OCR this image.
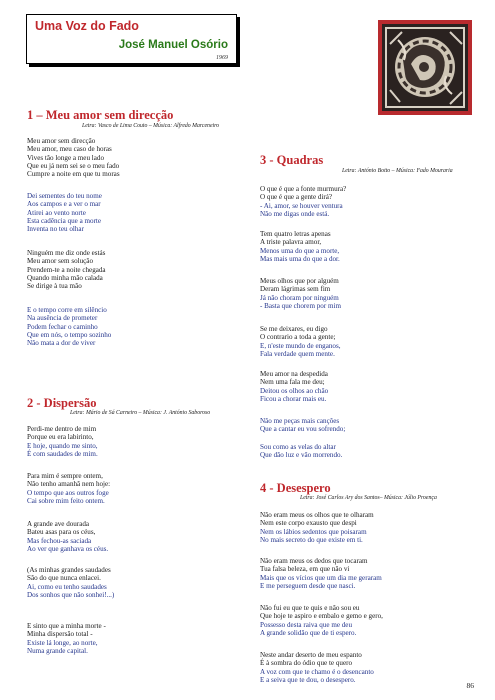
Uma Voz do Fado
José Manuel Osório
1969
1 – Meu amor sem direcção
Letra: Vasco de Lima Couto – Música: Alfredo Marceneiro
Meu amor sem direcção
Meu amor, meu caso de horas
Vives tão longe a meu lado
Que eu já nem sei se o meu fado
Cumpre a noite em que tu moras
Dei sementes do teu nome
Aos campos e a ver o mar
Atirei ao vento norte
Esta cadência que a morte
Inventa no teu olhar
Ninguém me diz onde estás
Meu amor sem solução
Prendem-te a noite chegada
Quando minha mão calada
Se dirige à tua mão
E o tempo corre em silêncio
Na ausência de prometer
Podem fechar o caminho
Que em nós, o tempo sozinho
Não mata a dor de viver
2 - Dispersão
Letra: Mário de Sá Carneiro – Música: J. António Saboroso
Perdi-me dentro de mim
Porque eu era labirinto,
E hoje, quando me sinto,
É com saudades de mim.
Para mim é sempre ontem,
Não tenho amanhã nem hoje:
O tempo que aos outros foge
Cai sobre mim feito ontem.
A grande ave dourada
Bateu asas para os céus,
Mas fechou-as saciada
Ao ver que ganhava os céus.
(As minhas grandes saudades
São do que nunca enlacei.
Ai, como eu tenho saudades
Dos sonhos que não sonhei!...)
E sinto que a minha morte -
Minha dispersão total -
Existe lá longe, ao norte,
Numa grande capital.
3 - Quadras
Letra: António Botto – Música: Fado Mouraria
O que é que a fonte murmura?
O que é que a gente dirá?
- Ai, amor, se houver ventura
Não me digas onde está.
Tem quatro letras apenas
A triste palavra amor,
Menos uma do que a morte,
Mas mais uma do que a dor.
Meus olhos que por alguém
Deram lágrimas sem fim
Já não choram por ninguém
- Basta que chorem por mim
Se me deixares, eu digo
O contrario a toda a gente;
E, n'este mundo de enganos,
Fala verdade quem mente.
Meu amor na despedida
Nem uma fala me deu;
Deitou os olhos ao chão
Ficou a chorar mais eu.
Não me peças mais canções
Que a cantar eu vou sofrendo;
Sou como as velas do altar
Que dão luz e vão morrendo.
4 - Desespero
Letra: José Carlos Ary dos Santos– Música: Júlio Proença
Não eram meus os olhos que te olharam
Nem este corpo exausto que despi
Nem os lábios sedentos que poisaram
No mais secreto do que existe em ti.
Não eram meus os dedos que tocaram
Tua falsa beleza, em que não vi
Mais que os vícios que um dia me geraram
E me perseguem desde que nasci.
Não fui eu que te quis e não sou eu
Que hoje te aspiro e embalo e gemo e gero,
Possesso desta raiva que me deu
A grande solidão que de ti espero.
Neste andar deserto de meu espanto
É à sombra do ódio que te quero
A voz com que te chamo é o desencanto
E a seiva que te dou, o desespero.
86
